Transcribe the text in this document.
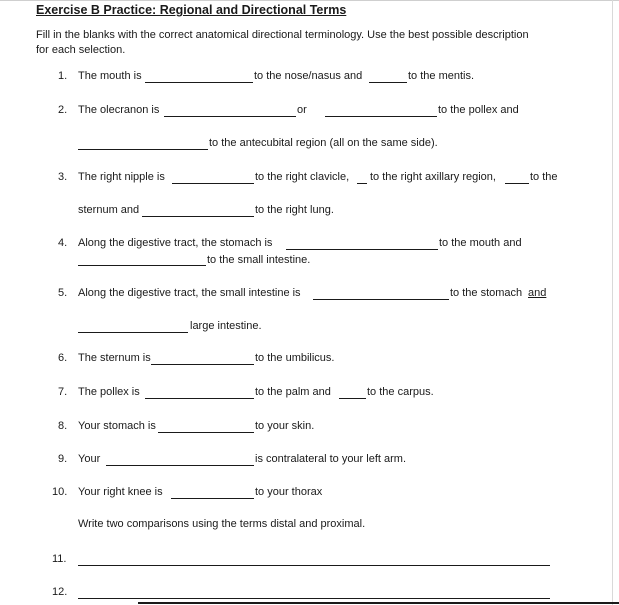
Exercise B Practice: Regional and Directional Terms
Fill in the blanks with the correct anatomical directional terminology. Use the best possible description
for each selection.
1. The mouth is	to the nose/nasus and	to the mentis.
2. The olecranon is	or	to the pollex and
to the antecubital region (all on the same side).
3. The right nipple is	to the right clavicle, to the right axillary region,	to the
sternum and	to the right lung.
4. Along the digestive tract, the stomach is	to the mouth and
to the small intestine.
5. Along the digestive tract, the small intestine is	to the stomach and
large intestine.
6. The sternum is	to the umbilicus.
7. The pollex is	to the palm and	to the carpus.
8. Your stomach is	to your skin.
9. Your	is contralateral to your left arm.
10. Your right knee is	to your thorax
Write two comparisons using the terms distal and proximal.
11.
12.
